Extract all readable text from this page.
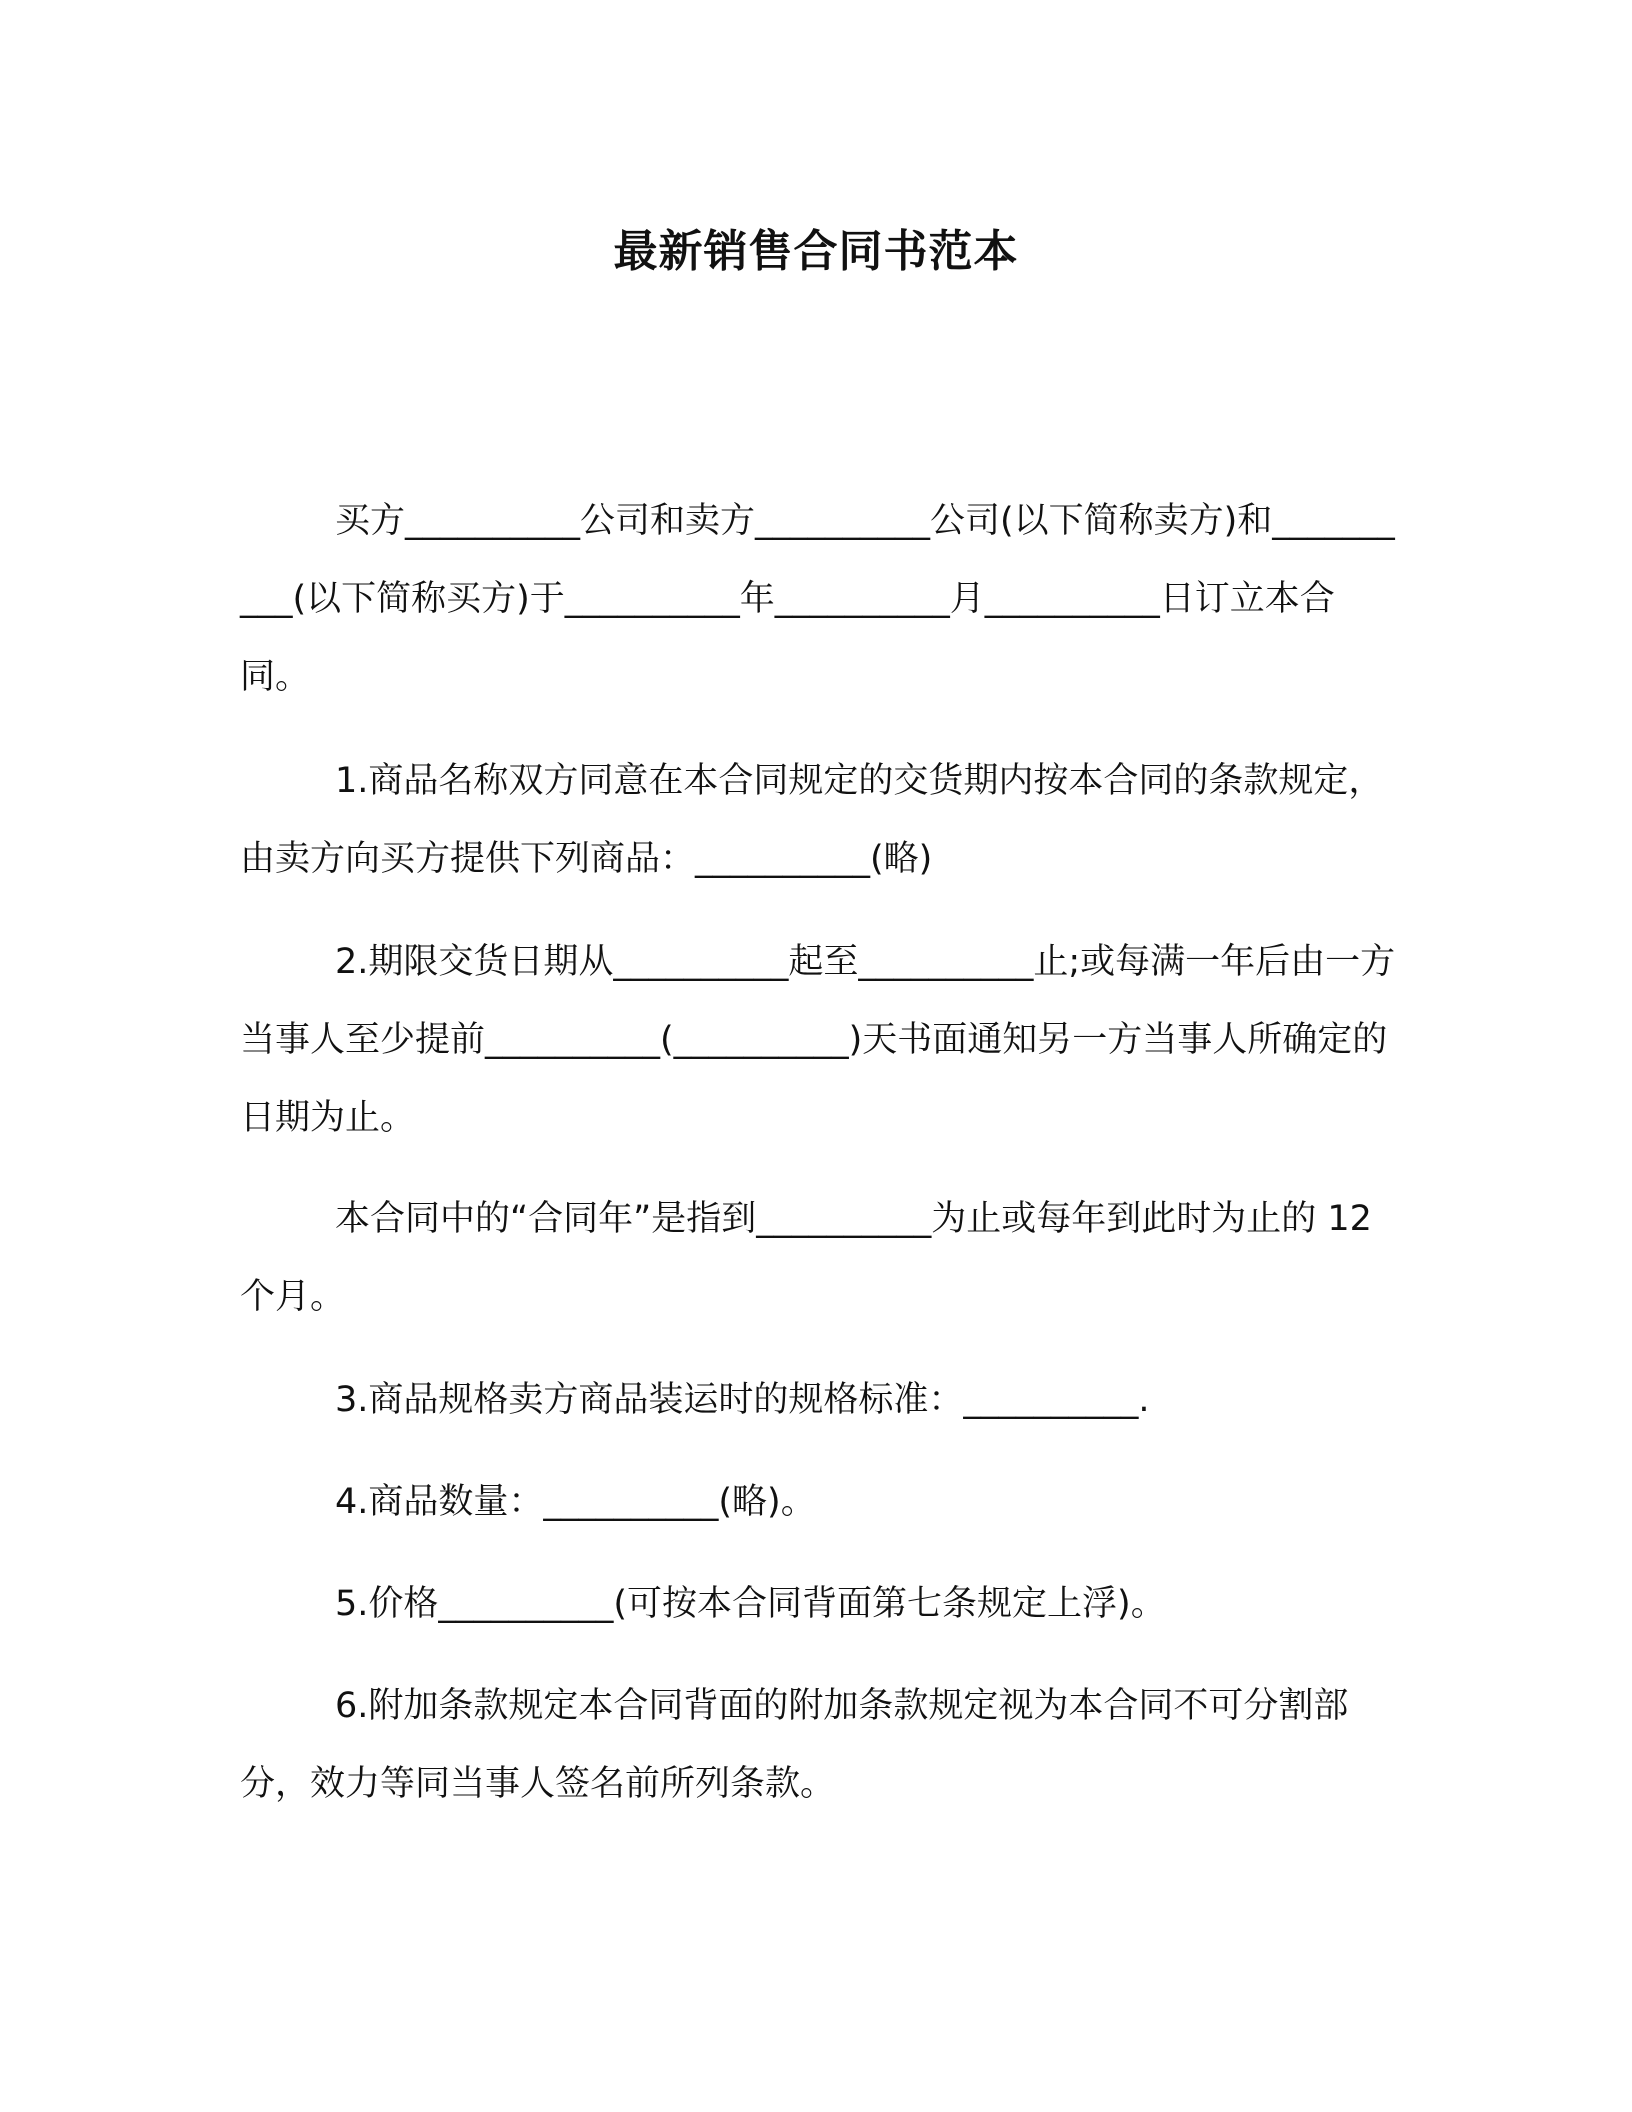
最新销售合同书范本

买方__________公司和卖方__________公司(以下简称卖方)和__________(以下简称买方)于__________年__________月__________日订立本合同。

1.商品名称双方同意在本合同规定的交货期内按本合同的条款规定，由卖方向买方提供下列商品：__________(略)

2.期限交货日期从__________起至__________止;或每满一年后由一方当事人至少提前__________(__________)天书面通知另一方当事人所确定的日期为止。

本合同中的“合同年”是指到__________为止或每年到此时为止的 12 个月。

3.商品规格卖方商品装运时的规格标准：__________.

4.商品数量：__________(略)。

5.价格__________(可按本合同背面第七条规定上浮)。

6.附加条款规定本合同背面的附加条款规定视为本合同不可分割部分，效力等同当事人签名前所列条款。
